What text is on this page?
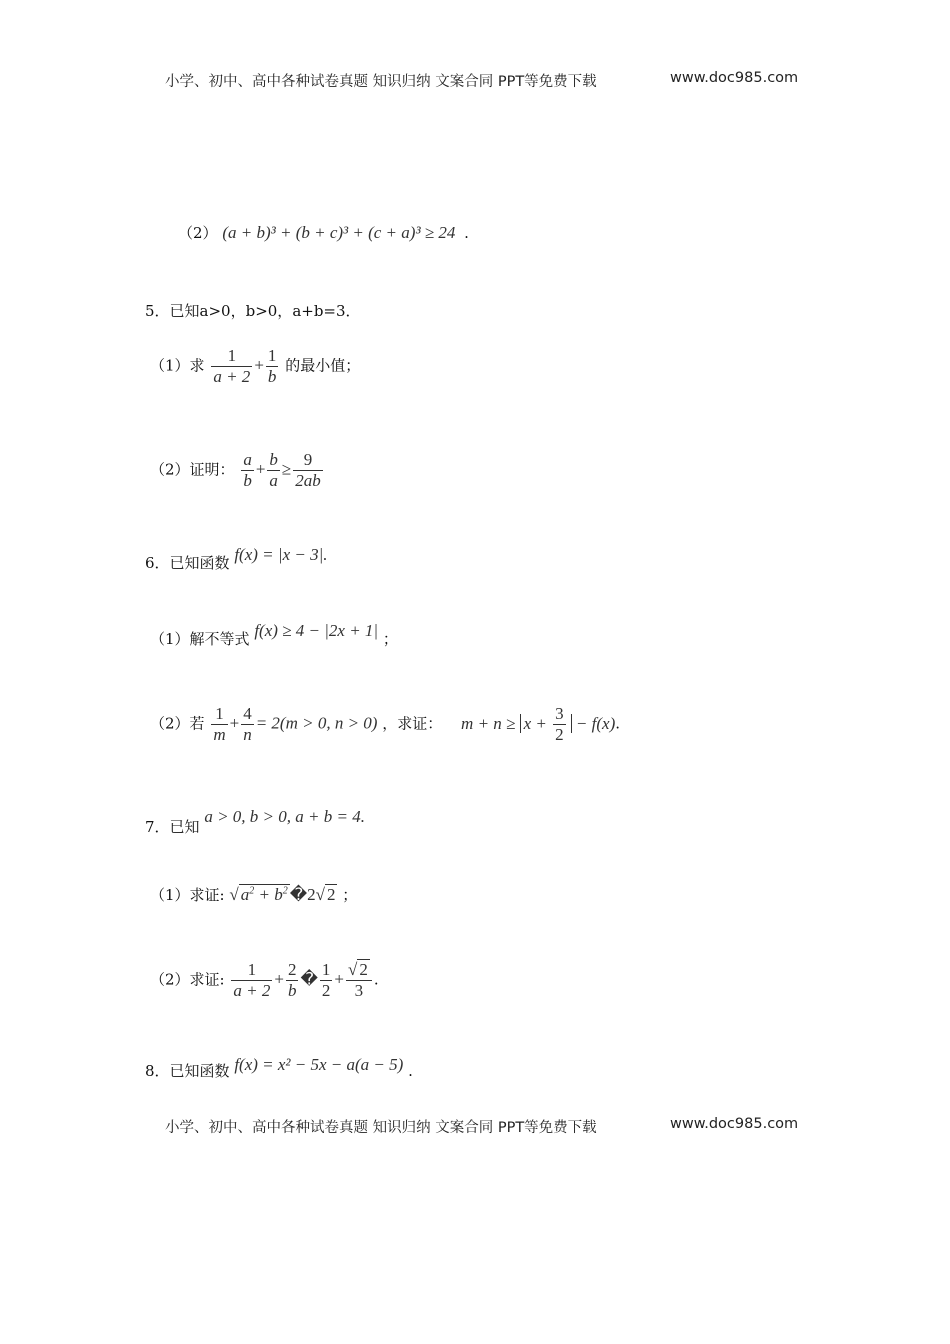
小学、初中、高中各种试卷真题 知识归纳 文案合同 PPT等免费下载	www.doc985.com
（2） (a + b)³ + (b + c)³ + (c + a)³ ≥ 24 .
5．已知a>0，b>0，a+b=3．
（1）求 $\frac{1}{a + 2} + \frac{1}{b}$ 的最小值；
（2）证明： $\frac{a}{b} + \frac{b}{a} \ge \frac{9}{2ab}$
6．已知函数 f(x) = |x − 3|.
（1）解不等式 f(x) ≥ 4 − |2x + 1| ；
（2）若 $\frac{1}{m} + \frac{4}{n} = 2(m > 0$, n > 0) ，求证： $m + n \ge x + \frac{3}{2} - f(x)$.
7．已知 a > 0, b > 0, a + b = 4.
（1）求证: √ $a^2 + b^2$ �2√ 2 ；
（2）求证: $\frac{1}{a + 2} + \frac{2}{b}$ � $\frac{1}{2} + \frac{√ 2}{3}$ .
8．已知函数 f(x) = x² − 5x − a(a − 5) .
小学、初中、高中各种试卷真题 知识归纳 文案合同 PPT等免费下载	www.doc985.com
